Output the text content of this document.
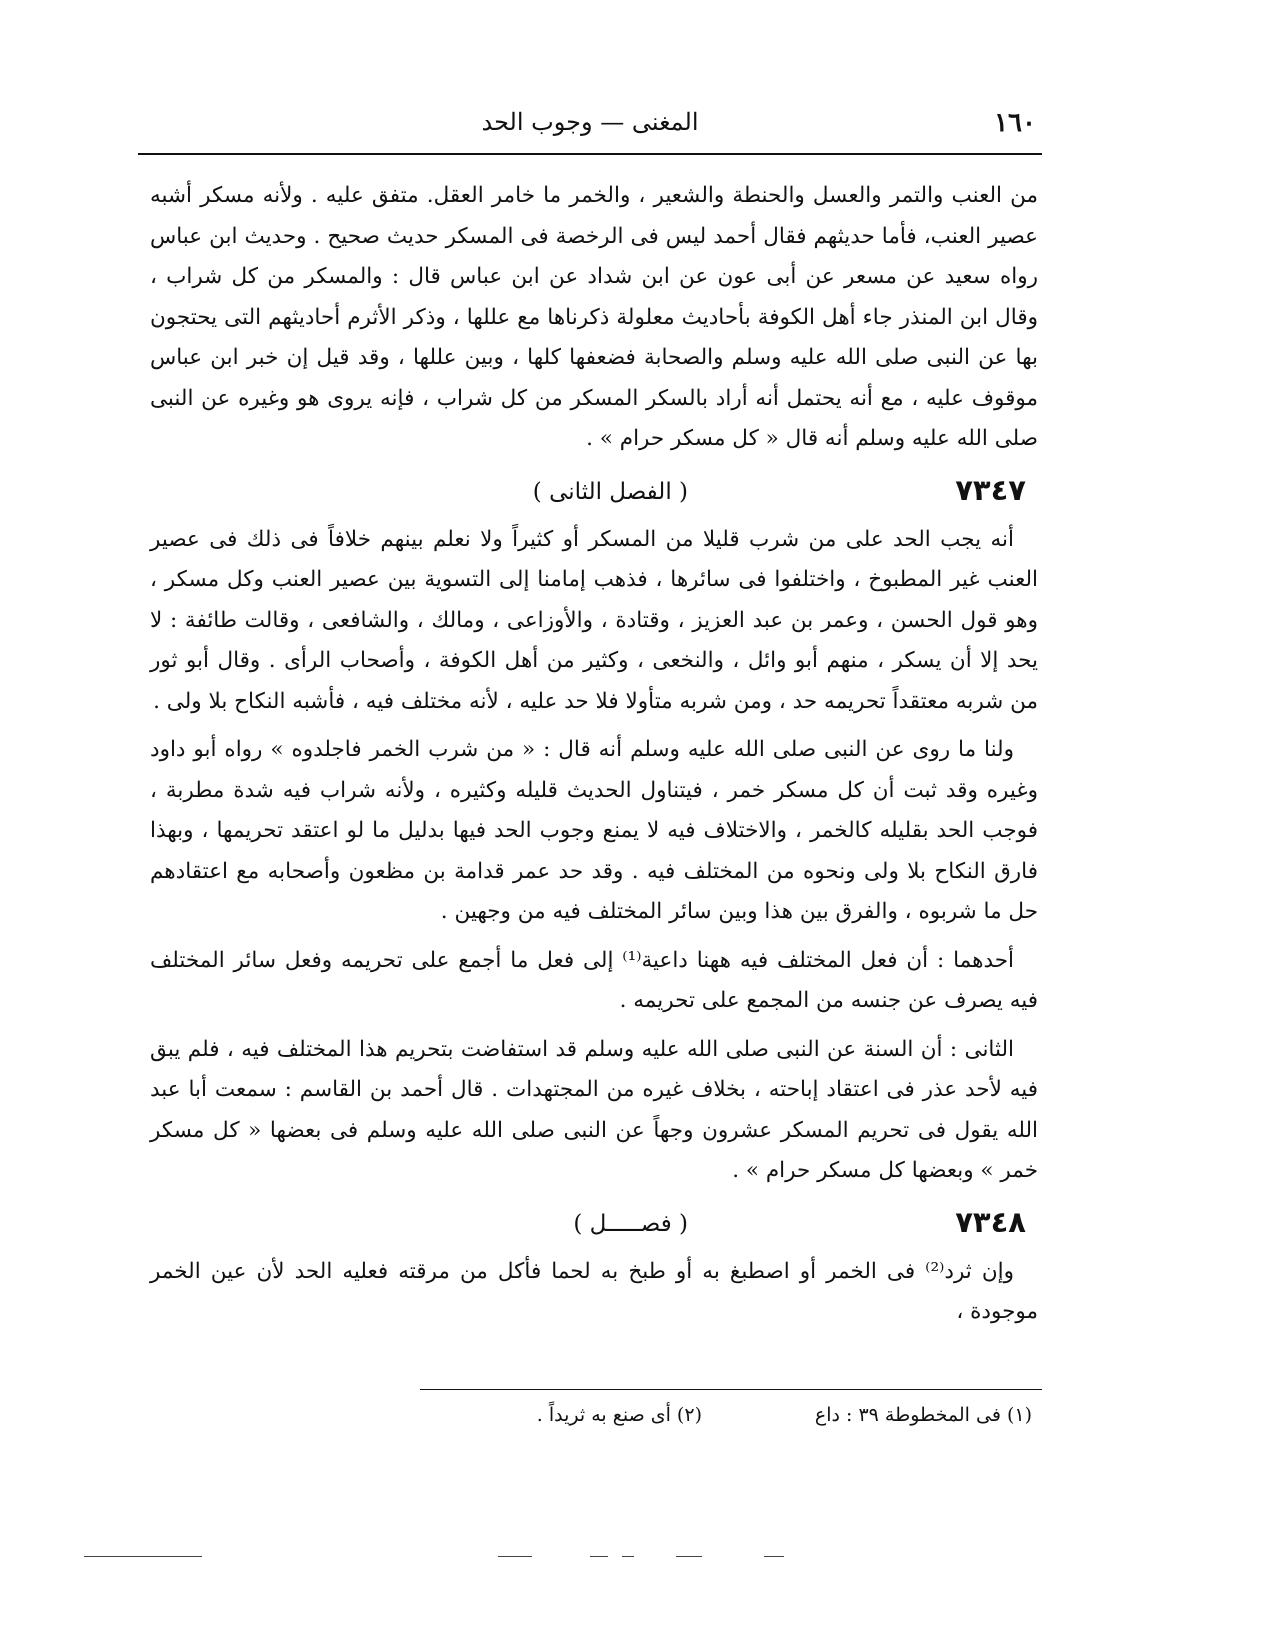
١٦٠
المغنى — وجوب الحد

من العنب والتمر والعسل والحنطة والشعير ، والخمر ما خامر العقل. متفق عليه . ولأنه مسكر أشبه عصير العنب، فأما حديثهم فقال أحمد ليس فى الرخصة فى المسكر حديث صحيح . وحديث ابن عباس رواه سعيد عن مسعر عن أبى عون عن ابن شداد عن ابن عباس قال : والمسكر من كل شراب ، وقال ابن المنذر جاء أهل الكوفة بأحاديث معلولة ذكرناها مع عللها ، وذكر الأثرم أحاديثهم التى يحتجون بها عن النبى صلى الله عليه وسلم والصحابة فضعفها كلها ، وبين عللها ، وقد قيل إن خبر ابن عباس موقوف عليه ، مع أنه يحتمل أنه أراد بالسكر المسكر من كل شراب ، فإنه يروى هو وغيره عن النبى صلى الله عليه وسلم أنه قال « كل مسكر حرام » .

٧٣٤٧
( الفصل الثانى )

أنه يجب الحد على من شرب قليلا من المسكر أو كثيراً ولا نعلم بينهم خلافاً فى ذلك فى عصير العنب غير المطبوخ ، واختلفوا فى سائرها ، فذهب إمامنا إلى التسوية بين عصير العنب وكل مسكر ، وهو قول الحسن ، وعمر بن عبد العزيز ، وقتادة ، والأوزاعى ، ومالك ، والشافعى ، وقالت طائفة : لا يحد إلا أن يسكر ، منهم أبو وائل ، والنخعى ، وكثير من أهل الكوفة ، وأصحاب الرأى . وقال أبو ثور من شربه معتقداً تحريمه حد ، ومن شربه متأولا فلا حد عليه ، لأنه مختلف فيه ، فأشبه النكاح بلا ولى .

ولنا ما روى عن النبى صلى الله عليه وسلم أنه قال : « من شرب الخمر فاجلدوه » رواه أبو داود وغيره وقد ثبت أن كل مسكر خمر ، فيتناول الحديث قليله وكثيره ، ولأنه شراب فيه شدة مطربة ، فوجب الحد بقليله كالخمر ، والاختلاف فيه لا يمنع وجوب الحد فيها بدليل ما لو اعتقد تحريمها ، وبهذا فارق النكاح بلا ولى ونحوه من المختلف فيه . وقد حد عمر قدامة بن مظعون وأصحابه مع اعتقادهم حل ما شربوه ، والفرق بين هذا وبين سائر المختلف فيه من وجهين .

أحدهما : أن فعل المختلف فيه ههنا داعية⁽¹⁾ إلى فعل ما أجمع على تحريمه وفعل سائر المختلف فيه يصرف عن جنسه من المجمع على تحريمه .

الثانى : أن السنة عن النبى صلى الله عليه وسلم قد استفاضت بتحريم هذا المختلف فيه ، فلم يبق فيه لأحد عذر فى اعتقاد إباحته ، بخلاف غيره من المجتهدات . قال أحمد بن القاسم : سمعت أبا عبد الله يقول فى تحريم المسكر عشرون وجهاً عن النبى صلى الله عليه وسلم فى بعضها « كل مسكر خمر » وبعضها كل مسكر حرام » .

٧٣٤٨
( فصـــــل )

وإن ثرد⁽²⁾ فى الخمر أو اصطبغ به أو طبخ به لحما فأكل من مرقته فعليه الحد لأن عين الخمر موجودة ،

(١) فى المخطوطة ٣٩ : داع
(٢) أى صنع به ثريداً .
